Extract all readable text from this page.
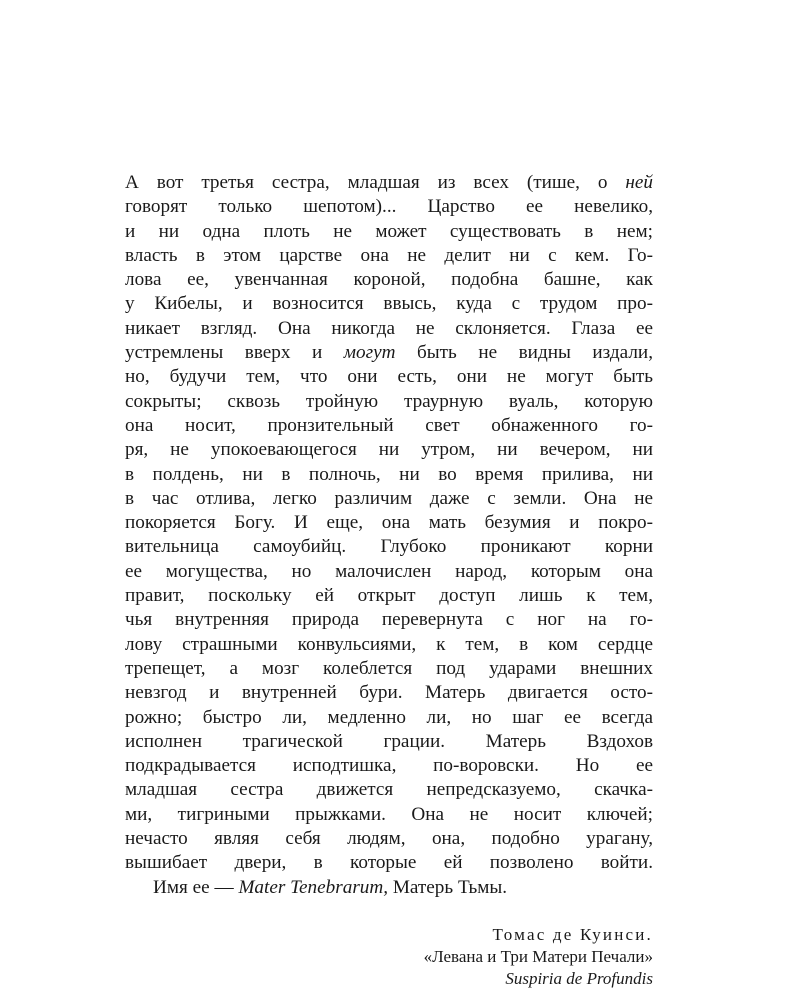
А вот третья сестра, младшая из всех (тише, о ней
говорят только шепотом)... Царство ее невелико,
и ни одна плоть не может существовать в нем;
власть в этом царстве она не делит ни с кем. Го-
лова ее, увенчанная короной, подобна башне, как
у Кибелы, и возносится ввысь, куда с трудом про-
никает взгляд. Она никогда не склоняется. Глаза ее
устремлены вверх и могут быть не видны издали,
но, будучи тем, что они есть, они не могут быть
сокрыты; сквозь тройную траурную вуаль, которую
она носит, пронзительный свет обнаженного го-
ря, не упокоевающегося ни утром, ни вечером, ни
в полдень, ни в полночь, ни во время прилива, ни
в час отлива, легко различим даже с земли. Она не
покоряется Богу. И еще, она мать безумия и покро-
вительница самоубийц. Глубоко проникают корни
ее могущества, но малочислен народ, которым она
правит, поскольку ей открыт доступ лишь к тем,
чья внутренняя природа перевернута с ног на го-
лову страшными конвульсиями, к тем, в ком сердце
трепещет, а мозг колеблется под ударами внешних
невзгод и внутренней бури. Матерь двигается осто-
рожно; быстро ли, медленно ли, но шаг ее всегда
исполнен трагической грации. Матерь Вздохов
подкрадывается исподтишка, по-воровски. Но ее
младшая сестра движется непредсказуемо, скачка-
ми, тигриными прыжками. Она не носит ключей;
нечасто являя себя людям, она, подобно урагану,
вышибает двери, в которые ей позволено войти.
Имя ее — Mater Tenebrarum, Матерь Тьмы.
Томас де Куинси.
«Левана и Три Матери Печали»
Suspiria de Profundis
